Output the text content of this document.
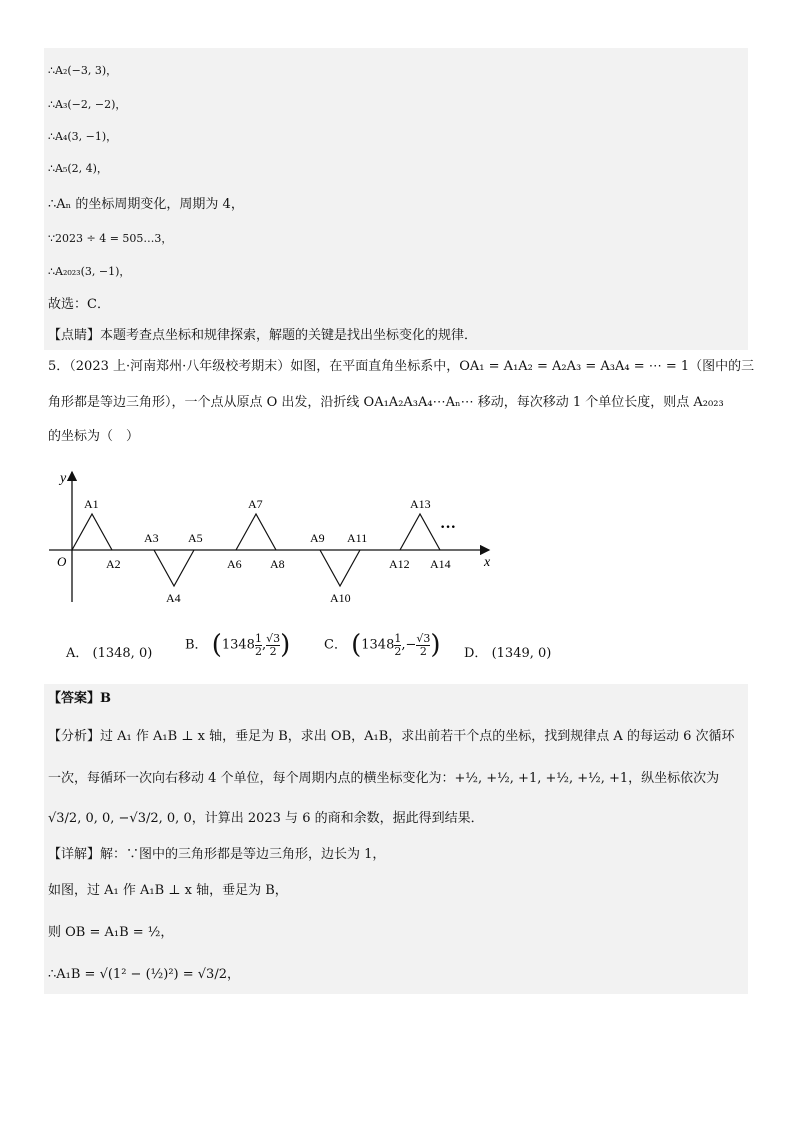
∴A₂(−3, 3)，
∴A₃(−2, −2)，
∴A₄(3, −1)，
∴A₅(2, 4)，
∴Aₙ 的坐标周期变化，周期为 4，
∵2023 ÷ 4 = 505…3，
∴A₂₀₂₃(3, −1)，
故选：C．
【点睛】本题考查点坐标和规律探索，解题的关键是找出坐标变化的规律．
5．（2023 上·河南郑州·八年级校考期末）如图，在平面直角坐标系中，OA₁ = A₁A₂ = A₂A₃ = A₃A₄ = ⋯ = 1（图中的三
角形都是等边三角形），一个点从原点 O 出发，沿折线 OA₁A₂A₃A₄⋯Aₙ⋯ 移动，每次移动 1 个单位长度，则点 A₂₀₂₃
的坐标为（　）
y
x
O
A1
A2
A3
A4
A5
A6
A7
A8
A9
A10
A11
A12
A13
A14
···
A． (1348, 0)
B． ($1348 \frac{1}{2}$ , $\frac{√3}{2}$ )	C． ($1348 \frac{1}{2}$ ,− $\frac{√3}{2}$ ) D． (1349, 0)
【答案】B
【分析】过 A₁ 作 A₁B ⊥ x 轴，垂足为 B，求出 OB，A₁B，求出前若干个点的坐标，找到规律点 A 的每运动 6 次循环
一次，每循环一次向右移动 4 个单位，每个周期内点的横坐标变化为：+½, +½, +1, +½, +½, +1，纵坐标依次为
√3/2, 0, 0, −√3/2, 0, 0，计算出 2023 与 6 的商和余数，据此得到结果．
【详解】解：∵图中的三角形都是等边三角形，边长为 1，
如图，过 A₁ 作 A₁B ⊥ x 轴，垂足为 B，
则 OB = A₁B = ½，
∴A₁B = √(1² − (½)²) = √3/2，
